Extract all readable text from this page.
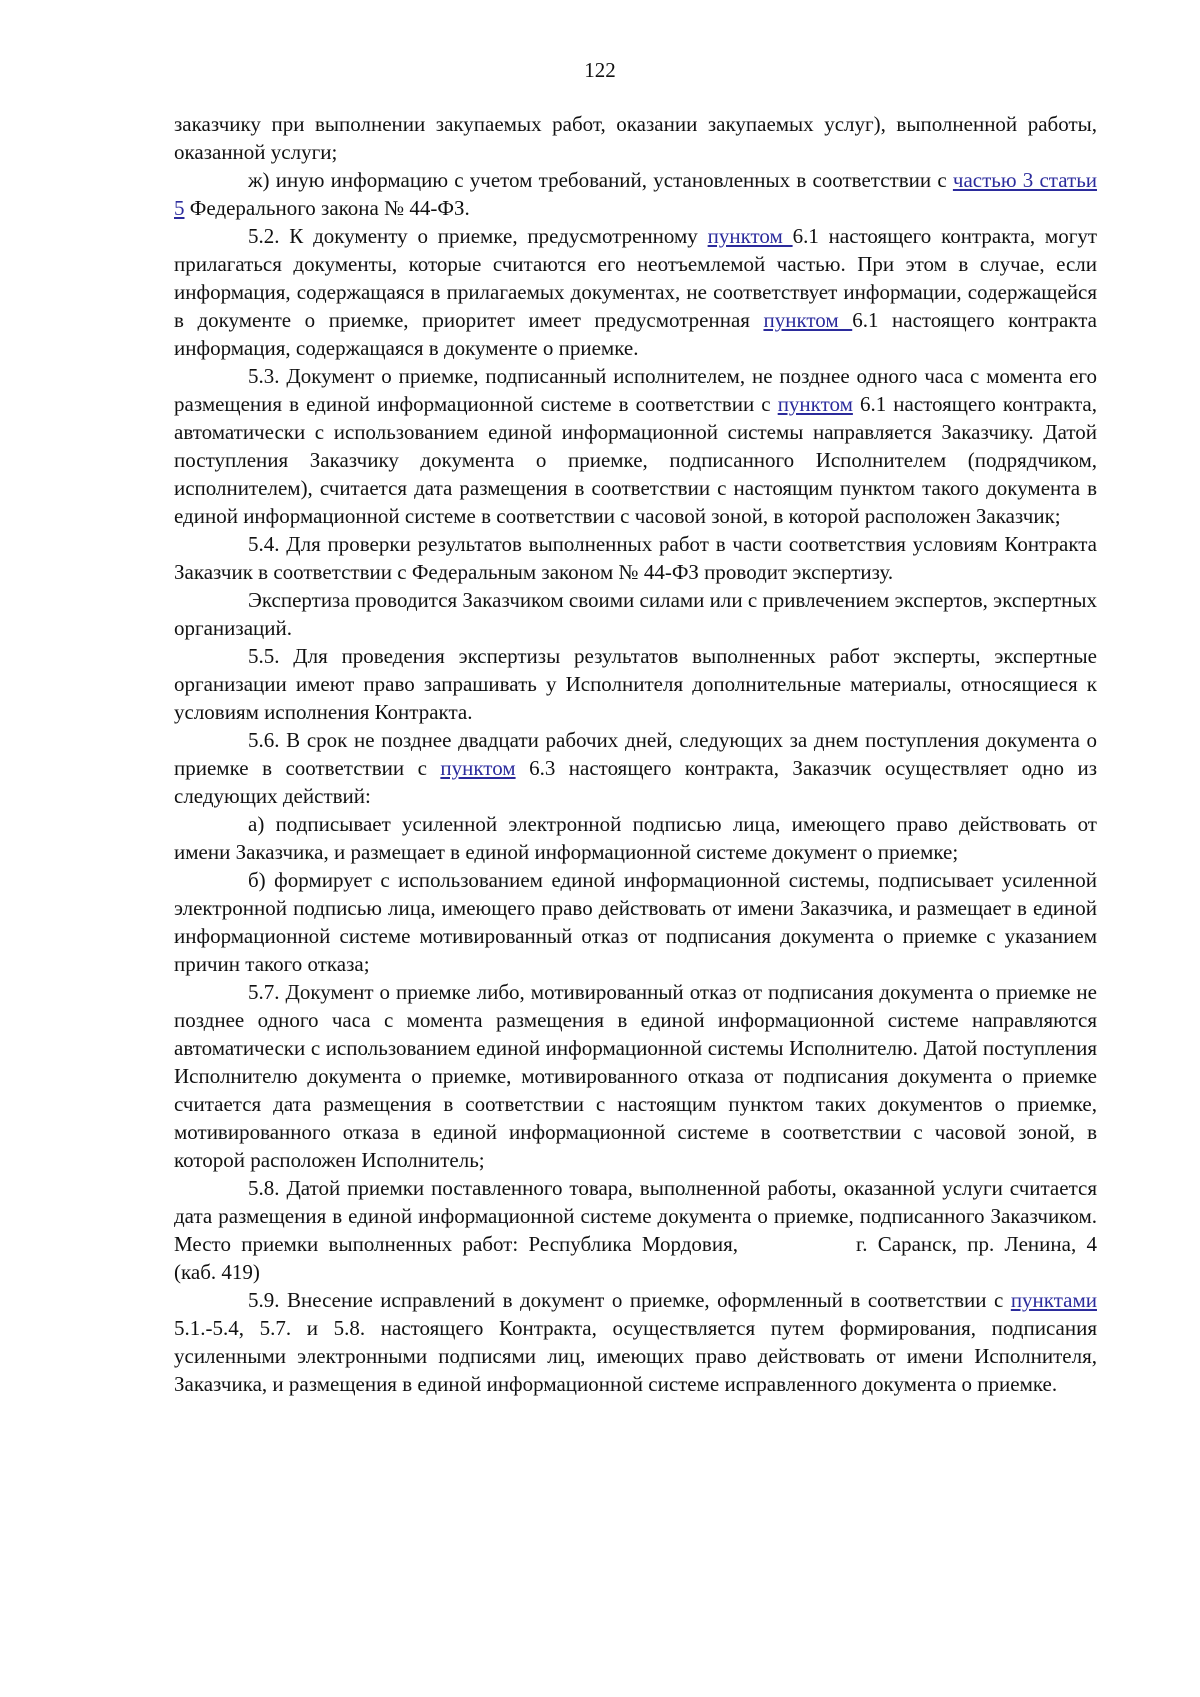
122

заказчику при выполнении закупаемых работ, оказании закупаемых услуг), выполненной работы, оказанной услуги;

ж) иную информацию с учетом требований, установленных в соответствии с частью 3 статьи 5 Федерального закона № 44-ФЗ.

5.2. К документу о приемке, предусмотренному пунктом 6.1 настоящего контракта, могут прилагаться документы, которые считаются его неотъемлемой частью. При этом в случае, если информация, содержащаяся в прилагаемых документах, не соответствует информации, содержащейся в документе о приемке, приоритет имеет предусмотренная пунктом 6.1 настоящего контракта информация, содержащаяся в документе о приемке.

5.3. Документ о приемке, подписанный исполнителем, не позднее одного часа с момента его размещения в единой информационной системе в соответствии с пунктом 6.1 настоящего контракта, автоматически с использованием единой информационной системы направляется Заказчику. Датой поступления Заказчику документа о приемке, подписанного Исполнителем (подрядчиком, исполнителем), считается дата размещения в соответствии с настоящим пунктом такого документа в единой информационной системе в соответствии с часовой зоной, в которой расположен Заказчик;

5.4. Для проверки результатов выполненных работ в части соответствия условиям Контракта Заказчик в соответствии с Федеральным законом № 44-ФЗ проводит экспертизу.

Экспертиза проводится Заказчиком своими силами или с привлечением экспертов, экспертных организаций.

5.5. Для проведения экспертизы результатов выполненных работ эксперты, экспертные организации имеют право запрашивать у Исполнителя дополнительные материалы, относящиеся к условиям исполнения Контракта.

5.6. В срок не позднее двадцати рабочих дней, следующих за днем поступления документа о приемке в соответствии с пунктом 6.3 настоящего контракта, Заказчик осуществляет одно из следующих действий:

а) подписывает усиленной электронной подписью лица, имеющего право действовать от имени Заказчика, и размещает в единой информационной системе документ о приемке;

б) формирует с использованием единой информационной системы, подписывает усиленной электронной подписью лица, имеющего право действовать от имени Заказчика, и размещает в единой информационной системе мотивированный отказ от подписания документа о приемке с указанием причин такого отказа;

5.7. Документ о приемке либо, мотивированный отказ от подписания документа о приемке не позднее одного часа с момента размещения в единой информационной системе направляются автоматически с использованием единой информационной системы Исполнителю. Датой поступления Исполнителю документа о приемке, мотивированного отказа от подписания документа о приемке считается дата размещения в соответствии с настоящим пунктом таких документов о приемке, мотивированного отказа в единой информационной системе в соответствии с часовой зоной, в которой расположен Исполнитель;

5.8. Датой приемки поставленного товара, выполненной работы, оказанной услуги считается дата размещения в единой информационной системе документа о приемке, подписанного Заказчиком. Место приемки выполненных работ: Республика Мордовия,	г. Саранск, пр. Ленина, 4 (каб. 419)

5.9. Внесение исправлений в документ о приемке, оформленный в соответствии с пунктами 5.1.-5.4, 5.7. и 5.8. настоящего Контракта, осуществляется путем формирования, подписания усиленными электронными подписями лиц, имеющих право действовать от имени Исполнителя, Заказчика, и размещения в единой информационной системе исправленного документа о приемке.
